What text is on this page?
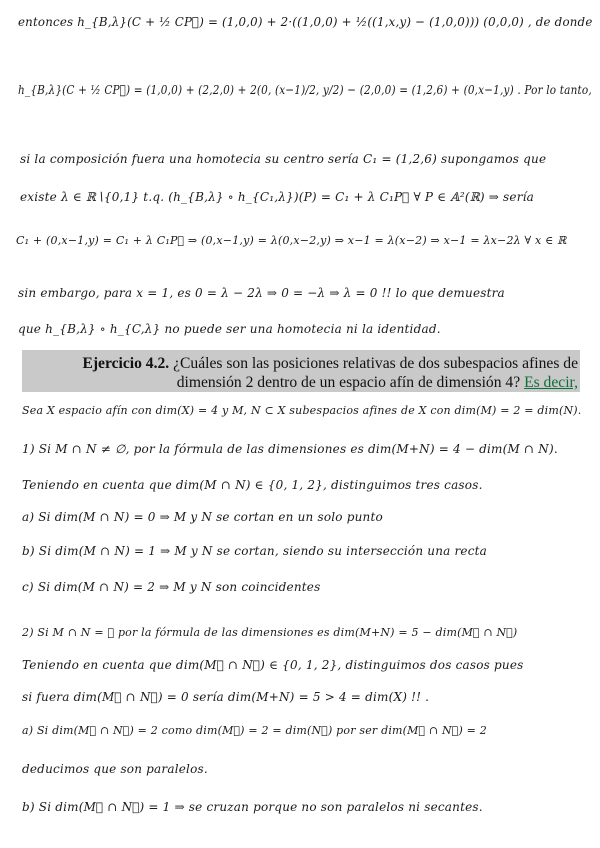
entonces h_{B,λ}(C + ½ CP⃗) = (1,0,0) + 2·((1,0,0) + ½((1,x,y) − (1,0,0))) (0,0,0) , de donde
h_{B,λ}(C + ½ CP⃗) = (1,0,0) + (2,2,0) + 2(0, (x−1)/2, y/2) − (2,0,0) = (1,2,6) + (0,x−1,y) . Por lo tanto,
si la composición fuera una homotecia su centro sería C₁ = (1,2,6) supongamos que
existe λ ∈ ℝ∖{0,1} t.q. (h_{B,λ} ∘ h_{C₁,λ})(P) = C₁ + λ C₁P⃗ ∀ P ∈ 𝔸²(ℝ) ⇒ sería
C₁ + (0,x−1,y) = C₁ + λ C₁P⃗ ⇒ (0,x−1,y) = λ(0,x−2,y) ⇒ x−1 = λ(x−2) ⇒ x−1 = λx−2λ ∀ x ∈ ℝ
sin embargo, para x = 1, es 0 = λ − 2λ ⇒ 0 = −λ ⇒ λ = 0 !! lo que demuestra
que h_{B,λ} ∘ h_{C,λ} no puede ser una homotecia ni la identidad.
Ejercicio 4.2. ¿Cuáles son las posiciones relativas de dos subespacios afines de dimensión 2 dentro de un espacio afín de dimensión 4? Es decir,
Sea X espacio afín con dim(X) = 4 y M, N ⊂ X subespacios afines de X con dim(M) = 2 = dim(N).
1) Si M ∩ N ≠ ∅, por la fórmula de las dimensiones es dim(M+N) = 4 − dim(M ∩ N).
Teniendo en cuenta que dim(M ∩ N) ∈ {0, 1, 2}, distinguimos tres casos.
a) Si dim(M ∩ N) = 0 ⇒ M y N se cortan en un solo punto
b) Si dim(M ∩ N) = 1 ⇒ M y N se cortan, siendo su intersección una recta
c) Si dim(M ∩ N) = 2 ⇒ M y N son coincidentes
2) Si M ∩ N = ∅ por la fórmula de las dimensiones es dim(M+N) = 5 − dim(M⃗ ∩ N⃗)
Teniendo en cuenta que dim(M⃗ ∩ N⃗) ∈ {0, 1, 2}, distinguimos dos casos pues
si fuera dim(M⃗ ∩ N⃗) = 0 sería dim(M+N) = 5 > 4 = dim(X) !! .
a) Si dim(M⃗ ∩ N⃗) = 2 como dim(M⃗) = 2 = dim(N⃗) por ser dim(M⃗ ∩ N⃗) = 2
deducimos que son paralelos.
b) Si dim(M⃗ ∩ N⃗) = 1 ⇒ se cruzan porque no son paralelos ni secantes.
